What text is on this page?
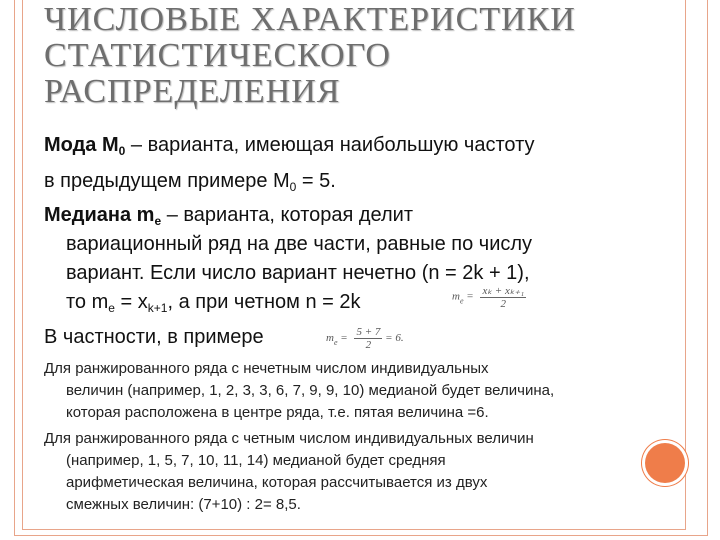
ЧИСЛОВЫЕ ХАРАКТЕРИСТИКИ
СТАТИСТИЧЕСКОГО
РАСПРЕДЕЛЕНИЯ
Мода $M_0$ – варианта, имеющая наибольшую частоту
в предыдущем примере $M_0 = 5$.
Медиана $m_e$ – варианта, которая делит
вариационный ряд на две части, равные по числу
вариант. Если число вариант нечетно (n = 2k + 1),
то $m_e = x_{k+1}$, а при четном n = 2k	$m_e = \frac{\text{xₖ + xₖ₊₁}}{2}$
В частности, в примере	$m_e = \frac{5 + 7}{2} = 6$.
Для ранжированного ряда с нечетным числом индивидуальных
величин (например, 1, 2, 3, 3, 6, 7, 9, 9, 10) медианой будет величина,
которая расположена в центре ряда, т.е. пятая величина =6.
Для ранжированного ряда с четным числом индивидуальных величин
(например, 1, 5, 7, 10, 11, 14) медианой будет средняя
арифметическая величина, которая рассчитывается из двух
смежных величин: (7+10) : 2= 8,5.
